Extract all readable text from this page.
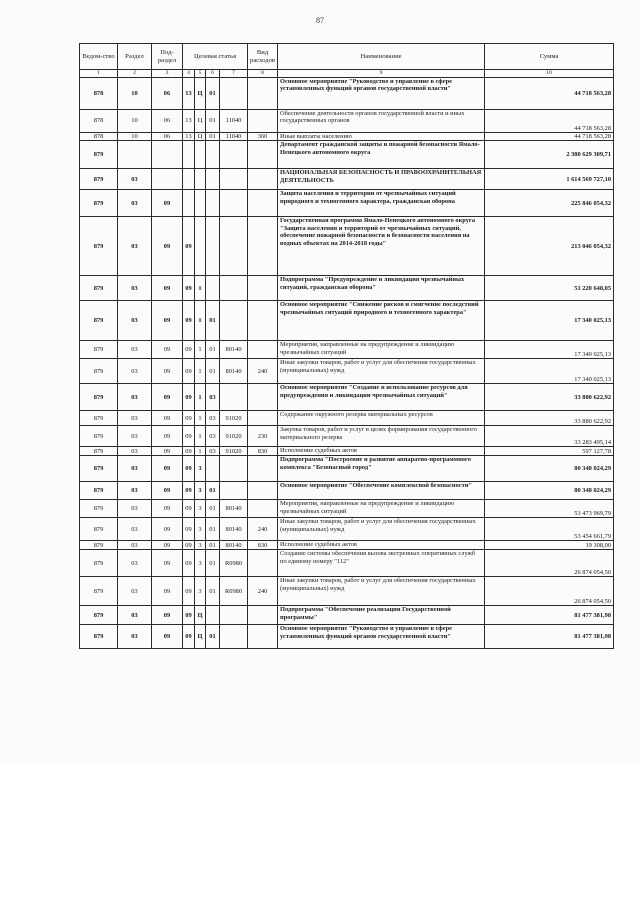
87
Ведом-ство	Раздел	Под-раздел	Целевая статья				Вид расходов	Наименование	Сумма
1	2	3	4	5	6	7	8	9	10
878	10	06	13	Ц	01			Основное мероприятие "Руководство и управление в сфере установленных функций органов государственной власти"	44 718 563,28
878	10	06	13	Ц	01	11040		Обеспечение деятельности органов государственной власти и иных государственных органов	44 718 563,28
878	10	06	13	Ц	01	11040	360	Иные выплаты населению	44 718 563,28
879								Департамент гражданской защиты и пожарной безопасности Ямало-Ненецкого автономного округа	2 380 629 309,71
879	03							НАЦИОНАЛЬНАЯ БЕЗОПАСНОСТЬ И ПРАВООХРАНИТЕЛЬНАЯ ДЕЯТЕЛЬНОСТЬ	1 614 569 727,10
879	03	09						Защита населения и территории от чрезвычайных ситуаций природного и техногенного характера, гражданская оборона	225 846 054,32
879	03	09	09					Государственная программа Ямало-Ненецкого автономного округа "Защита населения и территорий от чрезвычайных ситуаций, обеспечение пожарной безопасности и безопасности населения на водных объектах на 2014-2018 годы"	213 046 054,32
879	03	09	09	1				Подпрограмма "Предупреждение и ликвидация чрезвычайных ситуаций, гражданская оборона"	51 220 648,05
879	03	09	09	1	01			Основное мероприятие "Снижение рисков и смягчение последствий чрезвычайных ситуаций природного и техногенного характера"	17 340 025,13
879	03	09	09	1	01	80140		Мероприятия, направленные на предупреждение и ликвидацию чрезвычайных ситуаций	17 340 025,13
879	03	09	09	1	01	80140	240	Иные закупки товаров, работ и услуг для обеспечения государственных (муниципальных) нужд	17 340 025,13
879	03	09	09	1	03			Основное мероприятие "Создание и использование ресурсов для предупреждения и ликвидации чрезвычайных ситуаций"	33 880 622,92
879	03	09	09	1	03	91020		Содержание окружного резерва материальных ресурсов	33 880 622,92
879	03	09	09	1	03	91020	230	Закупка товаров, работ и услуг в целях формирования государственного материального резерва	33 283 495,14
879	03	09	09	1	03	91020	830	Исполнение судебных актов	597 127,78
879	03	09	09	3				Подпрограмма "Построение и развитие аппаратно-программного комплекса "Безопасный город"	80 348 024,29
879	03	09	09	3	01			Основное мероприятие "Обеспечение комплексной безопасности"	80 348 024,29
879	03	09	09	3	01	80140		Мероприятия, направленные на предупреждение и ликвидацию чрезвычайных ситуаций	53 473 969,79
879	03	09	09	3	01	80140	240	Иные закупки товаров, работ и услуг для обеспечения государственных (муниципальных) нужд	53 454 661,79
879	03	09	09	3	01	80140	830	Исполнение судебных актов	19 308,00
879	03	09	09	3	01	R0980		Создание системы обеспечения вызова экстренных оперативных служб по единому номеру "112"	26 874 054,50
879	03	09	09	3	01	R0980	240	Иные закупки товаров, работ и услуг для обеспечения государственных (муниципальных) нужд	26 874 054,50
879	03	09	09	Ц				Подпрограмма "Обеспечение реализации Государственной программы"	81 477 381,98
879	03	09	09	Ц	01			Основное мероприятие "Руководство и управление в сфере установленных функций органов государственной власти"	81 477 381,98
·
